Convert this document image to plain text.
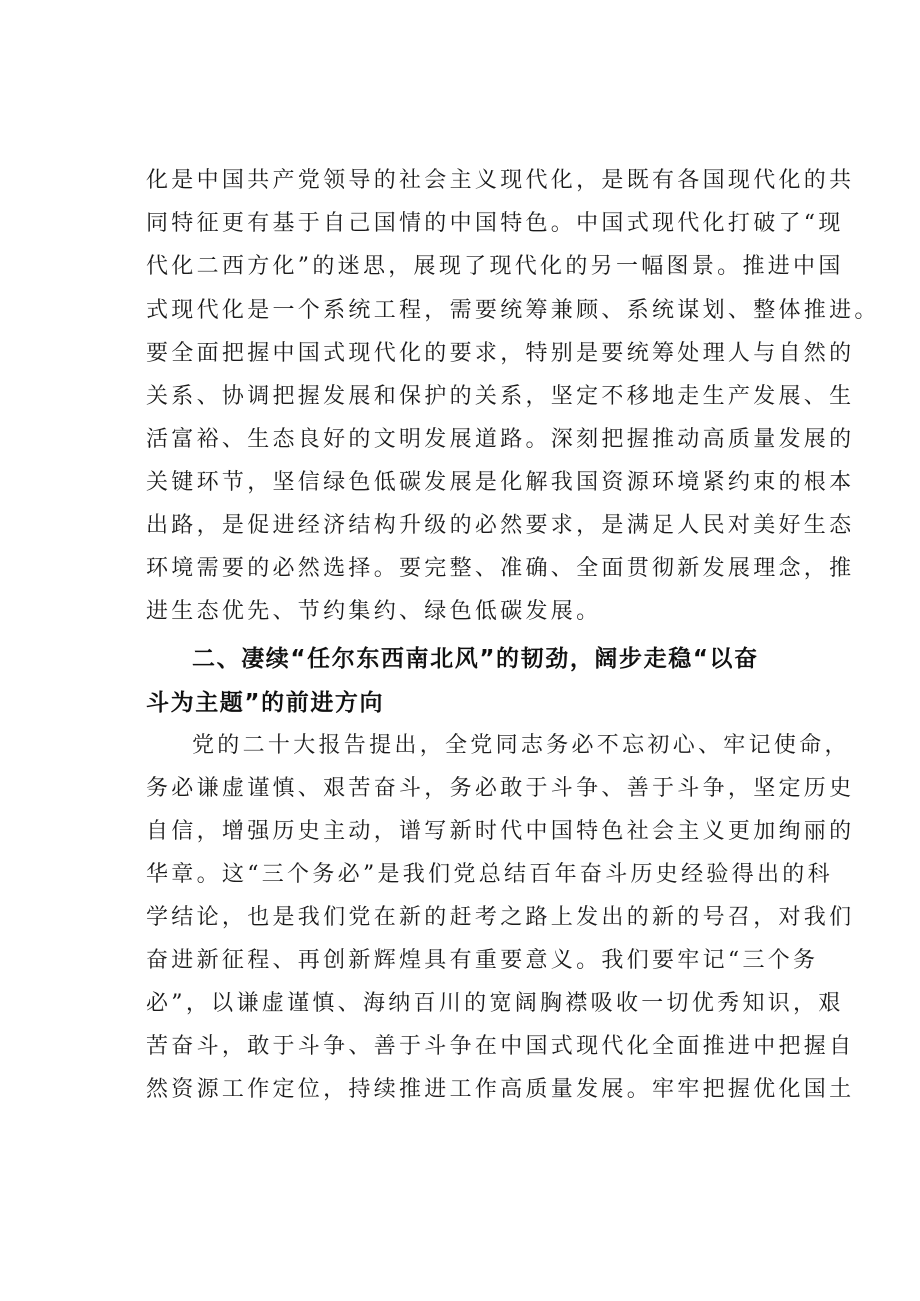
化是中国共产党领导的社会主义现代化，是既有各国现代化的共
同特征更有基于自己国情的中国特色。中国式现代化打破了“现
代化二西方化”的迷思，展现了现代化的另一幅图景。推进中国
式现代化是一个系统工程，需要统筹兼顾、系统谋划、整体推进。
要全面把握中国式现代化的要求，特别是要统筹处理人与自然的
关系、协调把握发展和保护的关系，坚定不移地走生产发展、生
活富裕、生态良好的文明发展道路。深刻把握推动高质量发展的
关键环节，坚信绿色低碳发展是化解我国资源环境紧约束的根本
出路，是促进经济结构升级的必然要求，是满足人民对美好生态
环境需要的必然选择。要完整、准确、全面贯彻新发展理念，推
进生态优先、节约集约、绿色低碳发展。
二、凄续“任尔东西南北风”的韧劲，阔步走稳“以奋
斗为主题”的前进方向
党的二十大报告提出，全党同志务必不忘初心、牢记使命，
务必谦虚谨慎、艰苦奋斗，务必敢于斗争、善于斗争，坚定历史
自信，增强历史主动，谱写新时代中国特色社会主义更加绚丽的
华章。这“三个务必”是我们党总结百年奋斗历史经验得出的科
学结论，也是我们党在新的赶考之路上发出的新的号召，对我们
奋进新征程、再创新辉煌具有重要意义。我们要牢记“三个务
必”，以谦虚谨慎、海纳百川的宽阔胸襟吸收一切优秀知识，艰
苦奋斗，敢于斗争、善于斗争在中国式现代化全面推进中把握自
然资源工作定位，持续推进工作高质量发展。牢牢把握优化国土
